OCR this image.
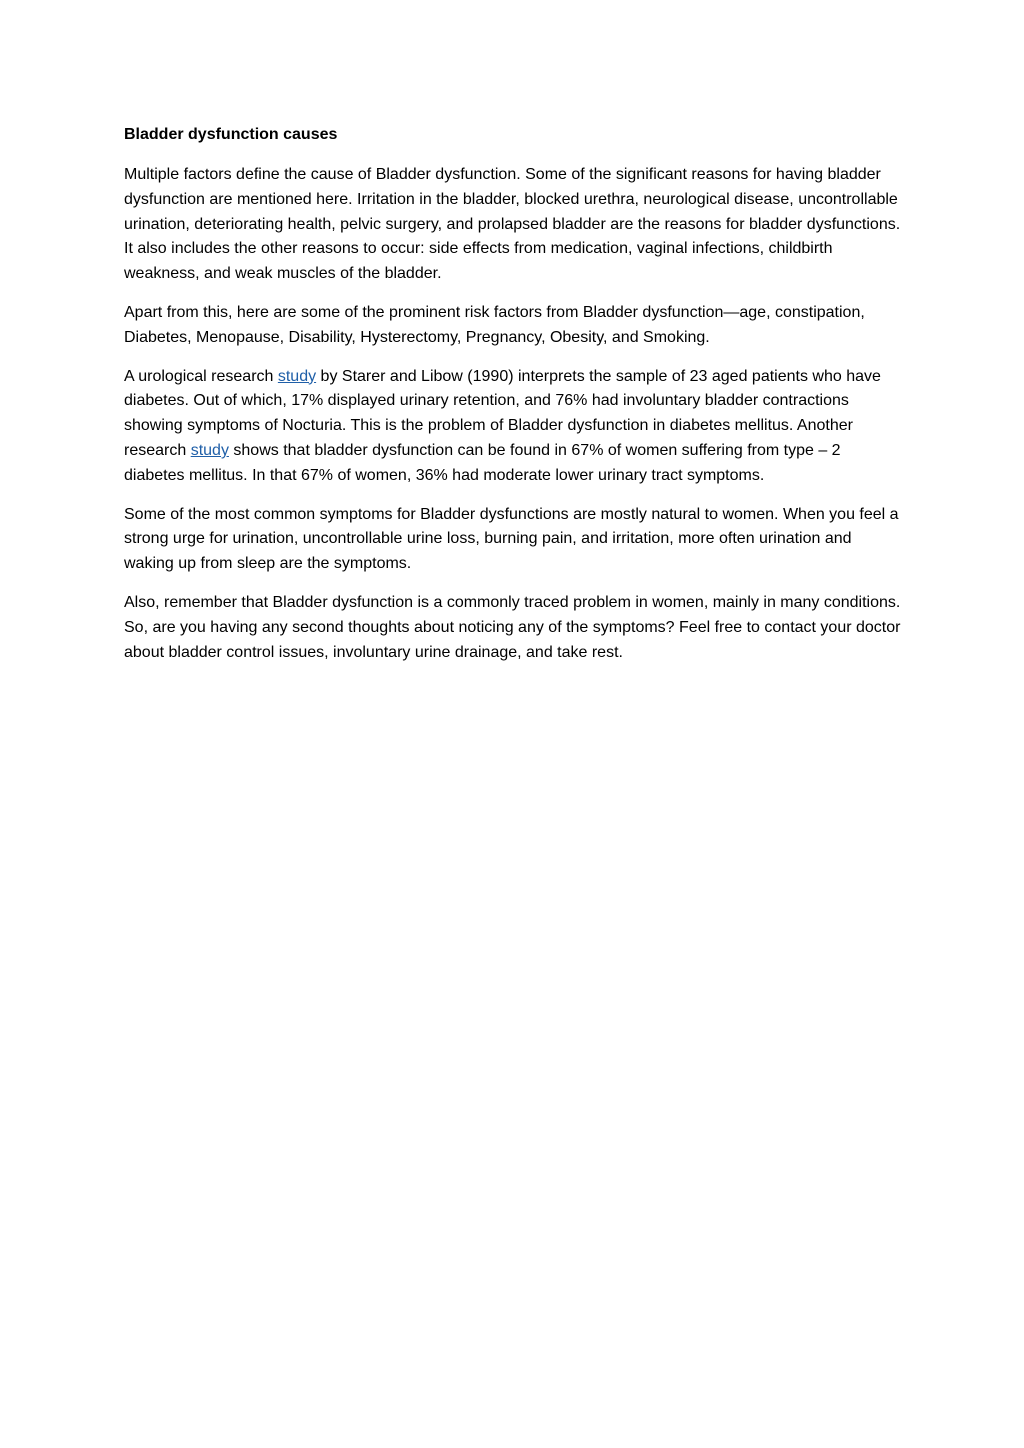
Bladder dysfunction causes

Multiple factors define the cause of Bladder dysfunction. Some of the significant reasons for having bladder dysfunction are mentioned here. Irritation in the bladder, blocked urethra, neurological disease, uncontrollable urination, deteriorating health, pelvic surgery, and prolapsed bladder are the reasons for bladder dysfunctions. It also includes the other reasons to occur: side effects from medication, vaginal infections, childbirth weakness, and weak muscles of the bladder.

Apart from this, here are some of the prominent risk factors from Bladder dysfunction—age, constipation, Diabetes, Menopause, Disability, Hysterectomy, Pregnancy, Obesity, and Smoking.

A urological research study by Starer and Libow (1990) interprets the sample of 23 aged patients who have diabetes. Out of which, 17% displayed urinary retention, and 76% had involuntary bladder contractions showing symptoms of Nocturia. This is the problem of Bladder dysfunction in diabetes mellitus. Another research study shows that bladder dysfunction can be found in 67% of women suffering from type – 2 diabetes mellitus. In that 67% of women, 36% had moderate lower urinary tract symptoms.

Some of the most common symptoms for Bladder dysfunctions are mostly natural to women. When you feel a strong urge for urination, uncontrollable urine loss, burning pain, and irritation, more often urination and waking up from sleep are the symptoms.

Also, remember that Bladder dysfunction is a commonly traced problem in women, mainly in many conditions. So, are you having any second thoughts about noticing any of the symptoms? Feel free to contact your doctor about bladder control issues, involuntary urine drainage, and take rest.
